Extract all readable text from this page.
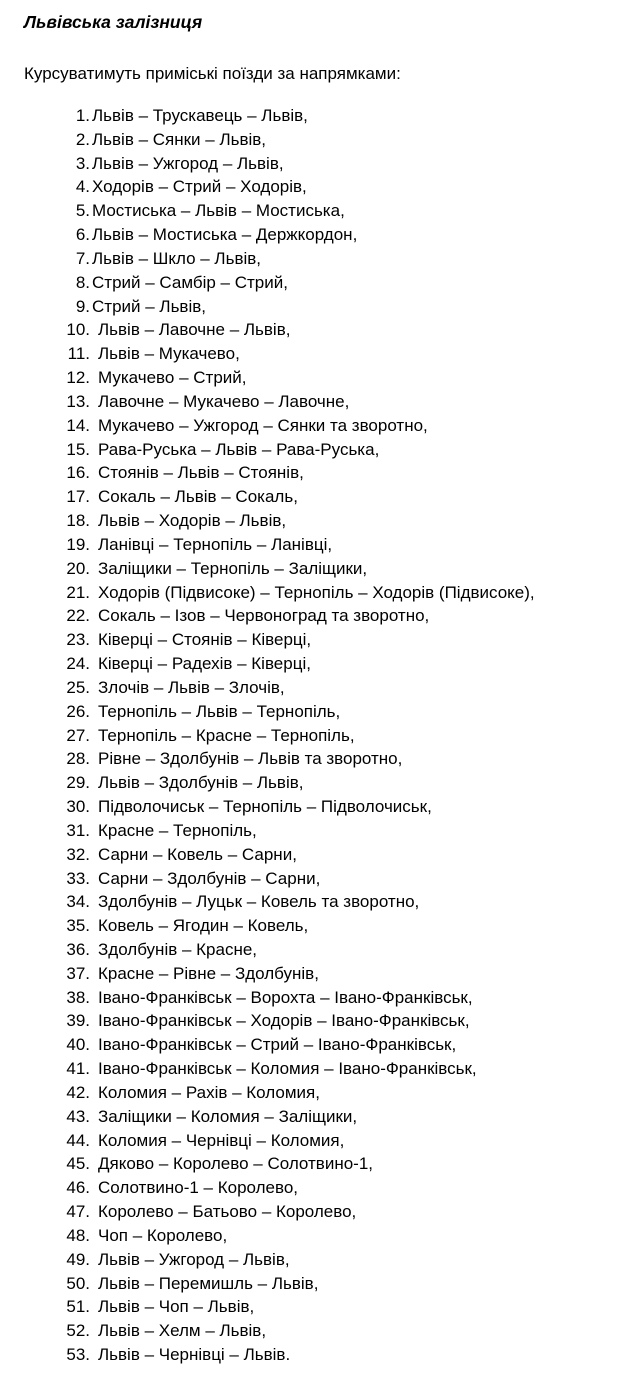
Львівська залізниця

Курсуватимуть приміські поїзди за напрямками:

1. Львів – Трускавець – Львів,
2. Львів – Сянки – Львів,
3. Львів – Ужгород – Львів,
4. Ходорів – Стрий – Ходорів,
5. Мостиська – Львів – Мостиська,
6. Львів – Мостиська – Держкордон,
7. Львів – Шкло – Львів,
8. Стрий – Самбір – Стрий,
9. Стрий – Львів,
10. Львів – Лавочне – Львів,
11. Львів – Мукачево,
12. Мукачево – Стрий,
13. Лавочне – Мукачево – Лавочне,
14. Мукачево – Ужгород – Сянки та зворотно,
15. Рава-Руська – Львів – Рава-Руська,
16. Стоянів – Львів – Стоянів,
17. Сокаль – Львів – Сокаль,
18. Львів – Ходорів – Львів,
19. Ланівці – Тернопіль – Ланівці,
20. Заліщики – Тернопіль – Заліщики,
21. Ходорів (Підвисоке) – Тернопіль – Ходорів (Підвисоке),
22. Сокаль – Ізов – Червоноград та зворотно,
23. Ківерці – Стоянів – Ківерці,
24. Ківерці – Радехів – Ківерці,
25. Злочів – Львів – Злочів,
26. Тернопіль – Львів – Тернопіль,
27. Тернопіль – Красне – Тернопіль,
28. Рівне – Здолбунів – Львів та зворотно,
29. Львів – Здолбунів – Львів,
30. Підволочиськ – Тернопіль – Підволочиськ,
31. Красне – Тернопіль,
32. Сарни – Ковель – Сарни,
33. Сарни – Здолбунів – Сарни,
34. Здолбунів – Луцьк – Ковель та зворотно,
35. Ковель – Ягодин – Ковель,
36. Здолбунів – Красне,
37. Красне – Рівне – Здолбунів,
38. Івано-Франківськ – Ворохта – Івано-Франківськ,
39. Івано-Франківськ – Ходорів – Івано-Франківськ,
40. Івано-Франківськ – Стрий – Івано-Франківськ,
41. Івано-Франківськ – Коломия – Івано-Франківськ,
42. Коломия – Рахів – Коломия,
43. Заліщики – Коломия – Заліщики,
44. Коломия – Чернівці – Коломия,
45. Дяково – Королево – Солотвино-1,
46. Солотвино-1 – Королево,
47. Королево – Батьово – Королево,
48. Чоп – Королево,
49. Львів – Ужгород – Львів,
50. Львів – Перемишль – Львів,
51. Львів – Чоп – Львів,
52. Львів – Хелм – Львів,
53. Львів – Чернівці – Львів.
